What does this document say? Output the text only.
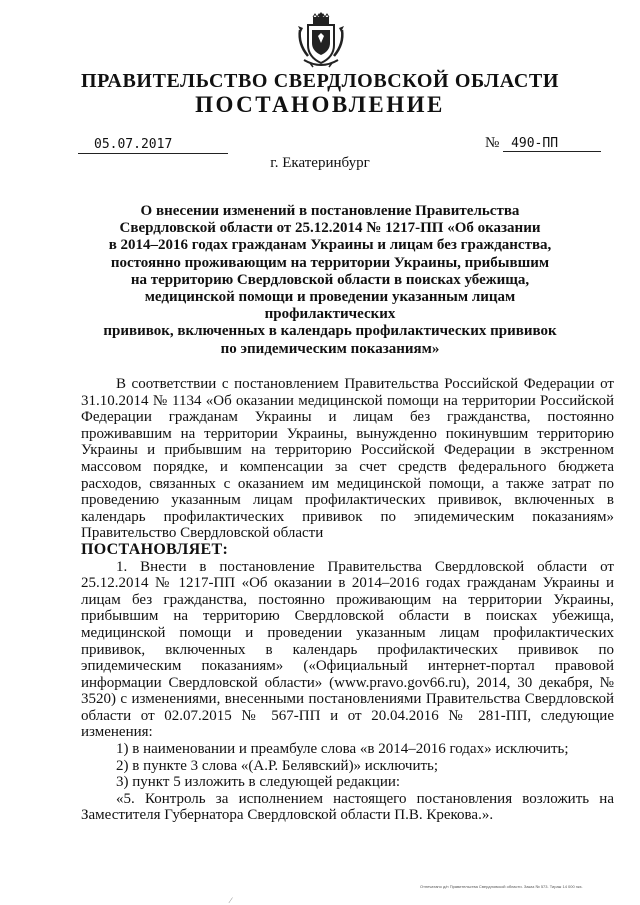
ПРАВИТЕЛЬСТВО СВЕРДЛОВСКОЙ ОБЛАСТИ
ПОСТАНОВЛЕНИЕ
05.07.2017	№ 490-ПП
г. Екатеринбург
О внесении изменений в постановление Правительства
Свердловской области от 25.12.2014 № 1217-ПП «Об оказании
в 2014–2016 годах гражданам Украины и лицам без гражданства,
постоянно проживающим на территории Украины, прибывшим
на территорию Свердловской области в поисках убежища,
медицинской помощи и проведении указанным лицам профилактических
прививок, включенных в календарь профилактических прививок
по эпидемическим показаниям»

В соответствии с постановлением Правительства Российской Федерации от 31.10.2014 № 1134 «Об оказании медицинской помощи на территории Российской Федерации гражданам Украины и лицам без гражданства, постоянно проживавшим на территории Украины, вынужденно покинувшим территорию Украины и прибывшим на территорию Российской Федерации в экстренном массовом порядке, и компенсации за счет средств федерального бюджета расходов, связанных с оказанием им медицинской помощи, а также затрат по проведению указанным лицам профилактических прививок, включенных в календарь профилактических прививок по эпидемическим показаниям» Правительство Свердловской области

ПОСТАНОВЛЯЕТ:

1. Внести в постановление Правительства Свердловской области от 25.12.2014 № 1217-ПП «Об оказании в 2014–2016 годах гражданам Украины и лицам без гражданства, постоянно проживающим на территории Украины, прибывшим на территорию Свердловской области в поисках убежища, медицинской помощи и проведении указанным лицам профилактических прививок, включенных в календарь профилактических прививок по эпидемическим показаниям» («Официальный интернет-портал правовой информации Свердловской области» (www.pravo.gov66.ru), 2014, 30 декабря, № 3520) с изменениями, внесенными постановлениями Правительства Свердловской области от 02.07.2015 № 567-ПП и от 20.04.2016 № 281-ПП, следующие изменения:

1) в наименовании и преамбуле слова «в 2014–2016 годах» исключить;

2) в пункте 3 слова «(А.Р. Белявский)» исключить;

3) пункт 5 изложить в следующей редакции:

«5. Контроль за исполнением настоящего постановления возложить на Заместителя Губернатора Свердловской области П.В. Крекова.».

Отпечатано д/п Правительства Свердловской области. Заказ № 573. Тираж 14 000 экз.
⁄
